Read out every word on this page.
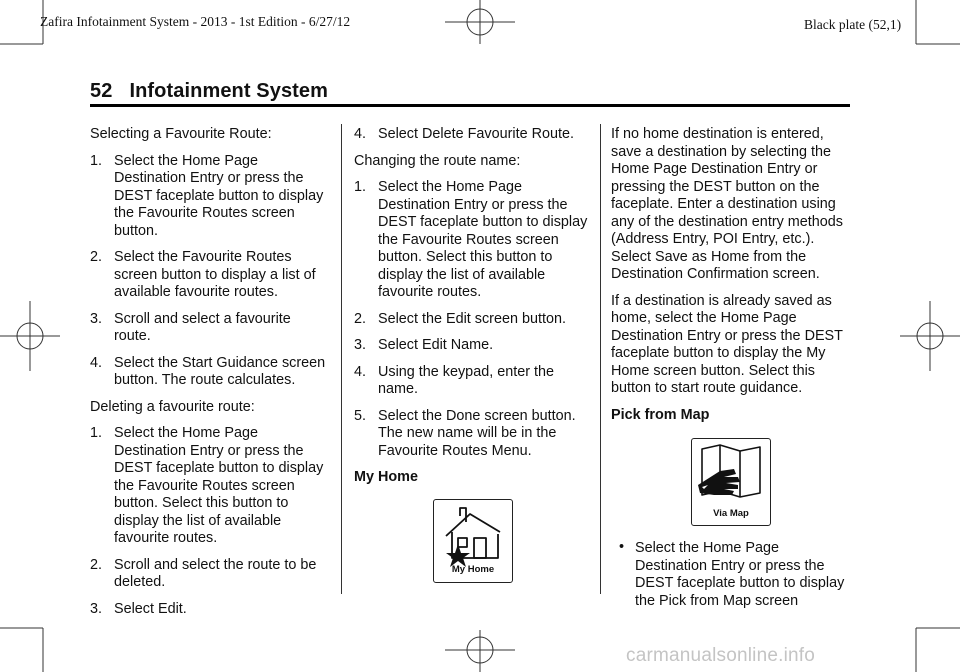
Zafira Infotainment System - 2013 - 1st Edition - 6/27/12	Black plate (52,1)
52 Infotainment System

Selecting a Favourite Route:

1. Select the Home Page Destination Entry or press the DEST faceplate button to display the Favourite Routes screen button.
2. Select the Favourite Routes screen button to display a list of available favourite routes.
3. Scroll and select a favourite route.
4. Select the Start Guidance screen button. The route calculates.

Deleting a favourite route:

1. Select the Home Page Destination Entry or press the DEST faceplate button to display the Favourite Routes screen button. Select this button to display the list of available favourite routes.
2. Scroll and select the route to be deleted.
3. Select Edit.
4. Select Delete Favourite Route.

Changing the route name:

1. Select the Home Page Destination Entry or press the DEST faceplate button to display the Favourite Routes screen button. Select this button to display the list of available favourite routes.
2. Select the Edit screen button.
3. Select Edit Name.
4. Using the keypad, enter the name.
5. Select the Done screen button. The new name will be in the Favourite Routes Menu.
My Home
My Home

If no home destination is entered, save a destination by selecting the Home Page Destination Entry or pressing the DEST button on the faceplate. Enter a destination using any of the destination entry methods (Address Entry, POI Entry, etc.). Select Save as Home from the Destination Confirmation screen.

If a destination is already saved as home, select the Home Page Destination Entry or press the DEST faceplate button to display the My Home screen button. Select this button to start route guidance.

Pick from Map
Via Map
• Select the Home Page Destination Entry or press the DEST faceplate button to display the Pick from Map screen
carmanualsonline.info
